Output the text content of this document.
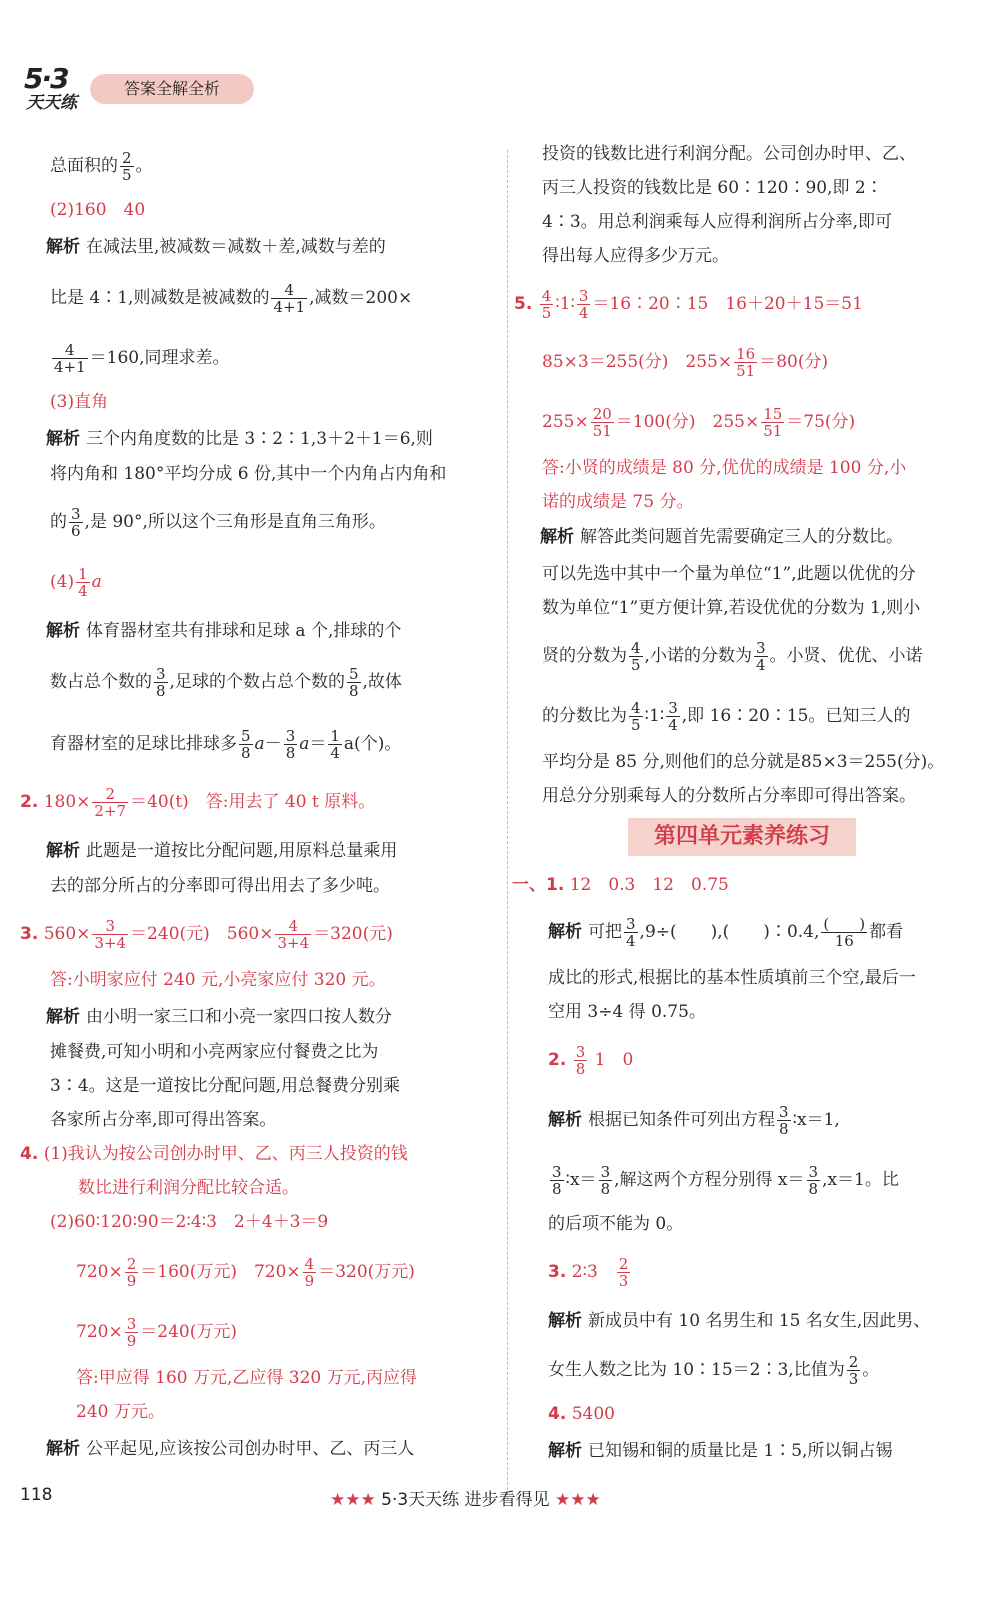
5·3
天天练
答案全解全析
总面积的 $\frac{2}{5}$ 。
(2)160　40
解析 在减法里,被减数＝减数＋差,减数与差的
比是 4∶1,则减数是被减数的 $\frac{4}{4+1}$ ,减数＝200×
$\frac{4}{4+1} =160$,同理求差。
(3)直角
解析 三个内角度数的比是 3∶2∶1,3＋2＋1＝6,则
将内角和 180°平均分成 6 份,其中一个内角占内角和
的 $\frac{3}{6}$ ,是 90°,所以这个三角形是直角三角形。
$(4) \frac{1}{4}$ a
解析 体育器材室共有排球和足球 a 个,排球的个
数占总个数的 $\frac{3}{8}$ ,足球的个数占总个数的 $\frac{5}{8}$ ,故体
育器材室的足球比排球多 $\frac{5}{8} a- \frac{3}{8} a= \frac{1}{4} a$(个)。
2. $180\times \frac{2}{2+7} =40(t)$　答:用去了 40 t 原料。
解析 此题是一道按比分配问题,用原料总量乘用
去的部分所占的分率即可得出用去了多少吨。
3. $560\times \frac{3}{3+4} =240$(元)　$560\times \frac{4}{3+4} =320$(元)
答:小明家应付 240 元,小亮家应付 320 元。
解析 由小明一家三口和小亮一家四口按人数分
摊餐费,可知小明和小亮两家应付餐费之比为
3∶4。这是一道按比分配问题,用总餐费分别乘
各家所占分率,即可得出答案。
4. (1)我认为按公司创办时甲、乙、丙三人投资的钱
数比进行利润分配比较合适。
(2)60∶120∶90＝2∶4∶3　2＋4＋3＝9
$720\times \frac{2}{9} =160$(万元)　$720\times \frac{4}{9} =320$(万元)
$720\times \frac{3}{9} =240$(万元)
答:甲应得 160 万元,乙应得 320 万元,丙应得
240 万元。
解析 公平起见,应该按公司创办时甲、乙、丙三人
投资的钱数比进行利润分配。公司创办时甲、乙、
丙三人投资的钱数比是 60∶120∶90,即 2∶
4∶3。用总利润乘每人应得利润所占分率,即可
得出每人应得多少万元。
5. $\frac{4}{5}$ ∶1∶ $\frac{3}{4}$ ＝16∶20∶15　16＋20＋15＝51
85×3＝255(分)　$255\times \frac{16}{51} =80$(分)
$255\times \frac{20}{51} =100$(分)　$255\times \frac{15}{51} =75$(分)
答:小贤的成绩是 80 分,优优的成绩是 100 分,小
诺的成绩是 75 分。
解析 解答此类问题首先需要确定三人的分数比。
可以先选中其中一个量为单位“1”,此题以优优的分
数为单位“1”更方便计算,若设优优的分数为 1,则小
贤的分数为 $\frac{4}{5}$ ,小诺的分数为 $\frac{3}{4}$ 。小贤、优优、小诺
的分数比为 $\frac{4}{5}$ ∶1∶ $\frac{3}{4}$ ,即 16∶20∶15。已知三人的
平均分是 85 分,则他们的总分就是85×3＝255(分)。
用总分分别乘每人的分数所占分率即可得出答案。
第四单元素养练习
一、1. 12　0.3　12　0.75
解析 可把 $\frac{3}{4} ,9\div$(　　),(　　)∶0.4, $\frac{( )}{16}$ 都看
成比的形式,根据比的基本性质填前三个空,最后一
空用 3÷4 得 0.75。
2. $\frac{3}{8} 1$　0
解析 根据已知条件可列出方程 $\frac{3}{8}$ ∶x＝1,
$\frac{3}{8}$ ∶x＝ $\frac{3}{8}$ ,解这两个方程分别得 $x= \frac{3}{8} ,x=1$。比
的后项不能为 0。
3. 2∶3　 $\frac{2}{3}$
解析 新成员中有 10 名男生和 15 名女生,因此男、
女生人数之比为 10∶15＝2∶3,比值为 $\frac{2}{3}$ 。
4. 5400
解析 已知锡和铜的质量比是 1∶5,所以铜占锡
118	★★★ 5·3天天练 进步看得见 ★★★
